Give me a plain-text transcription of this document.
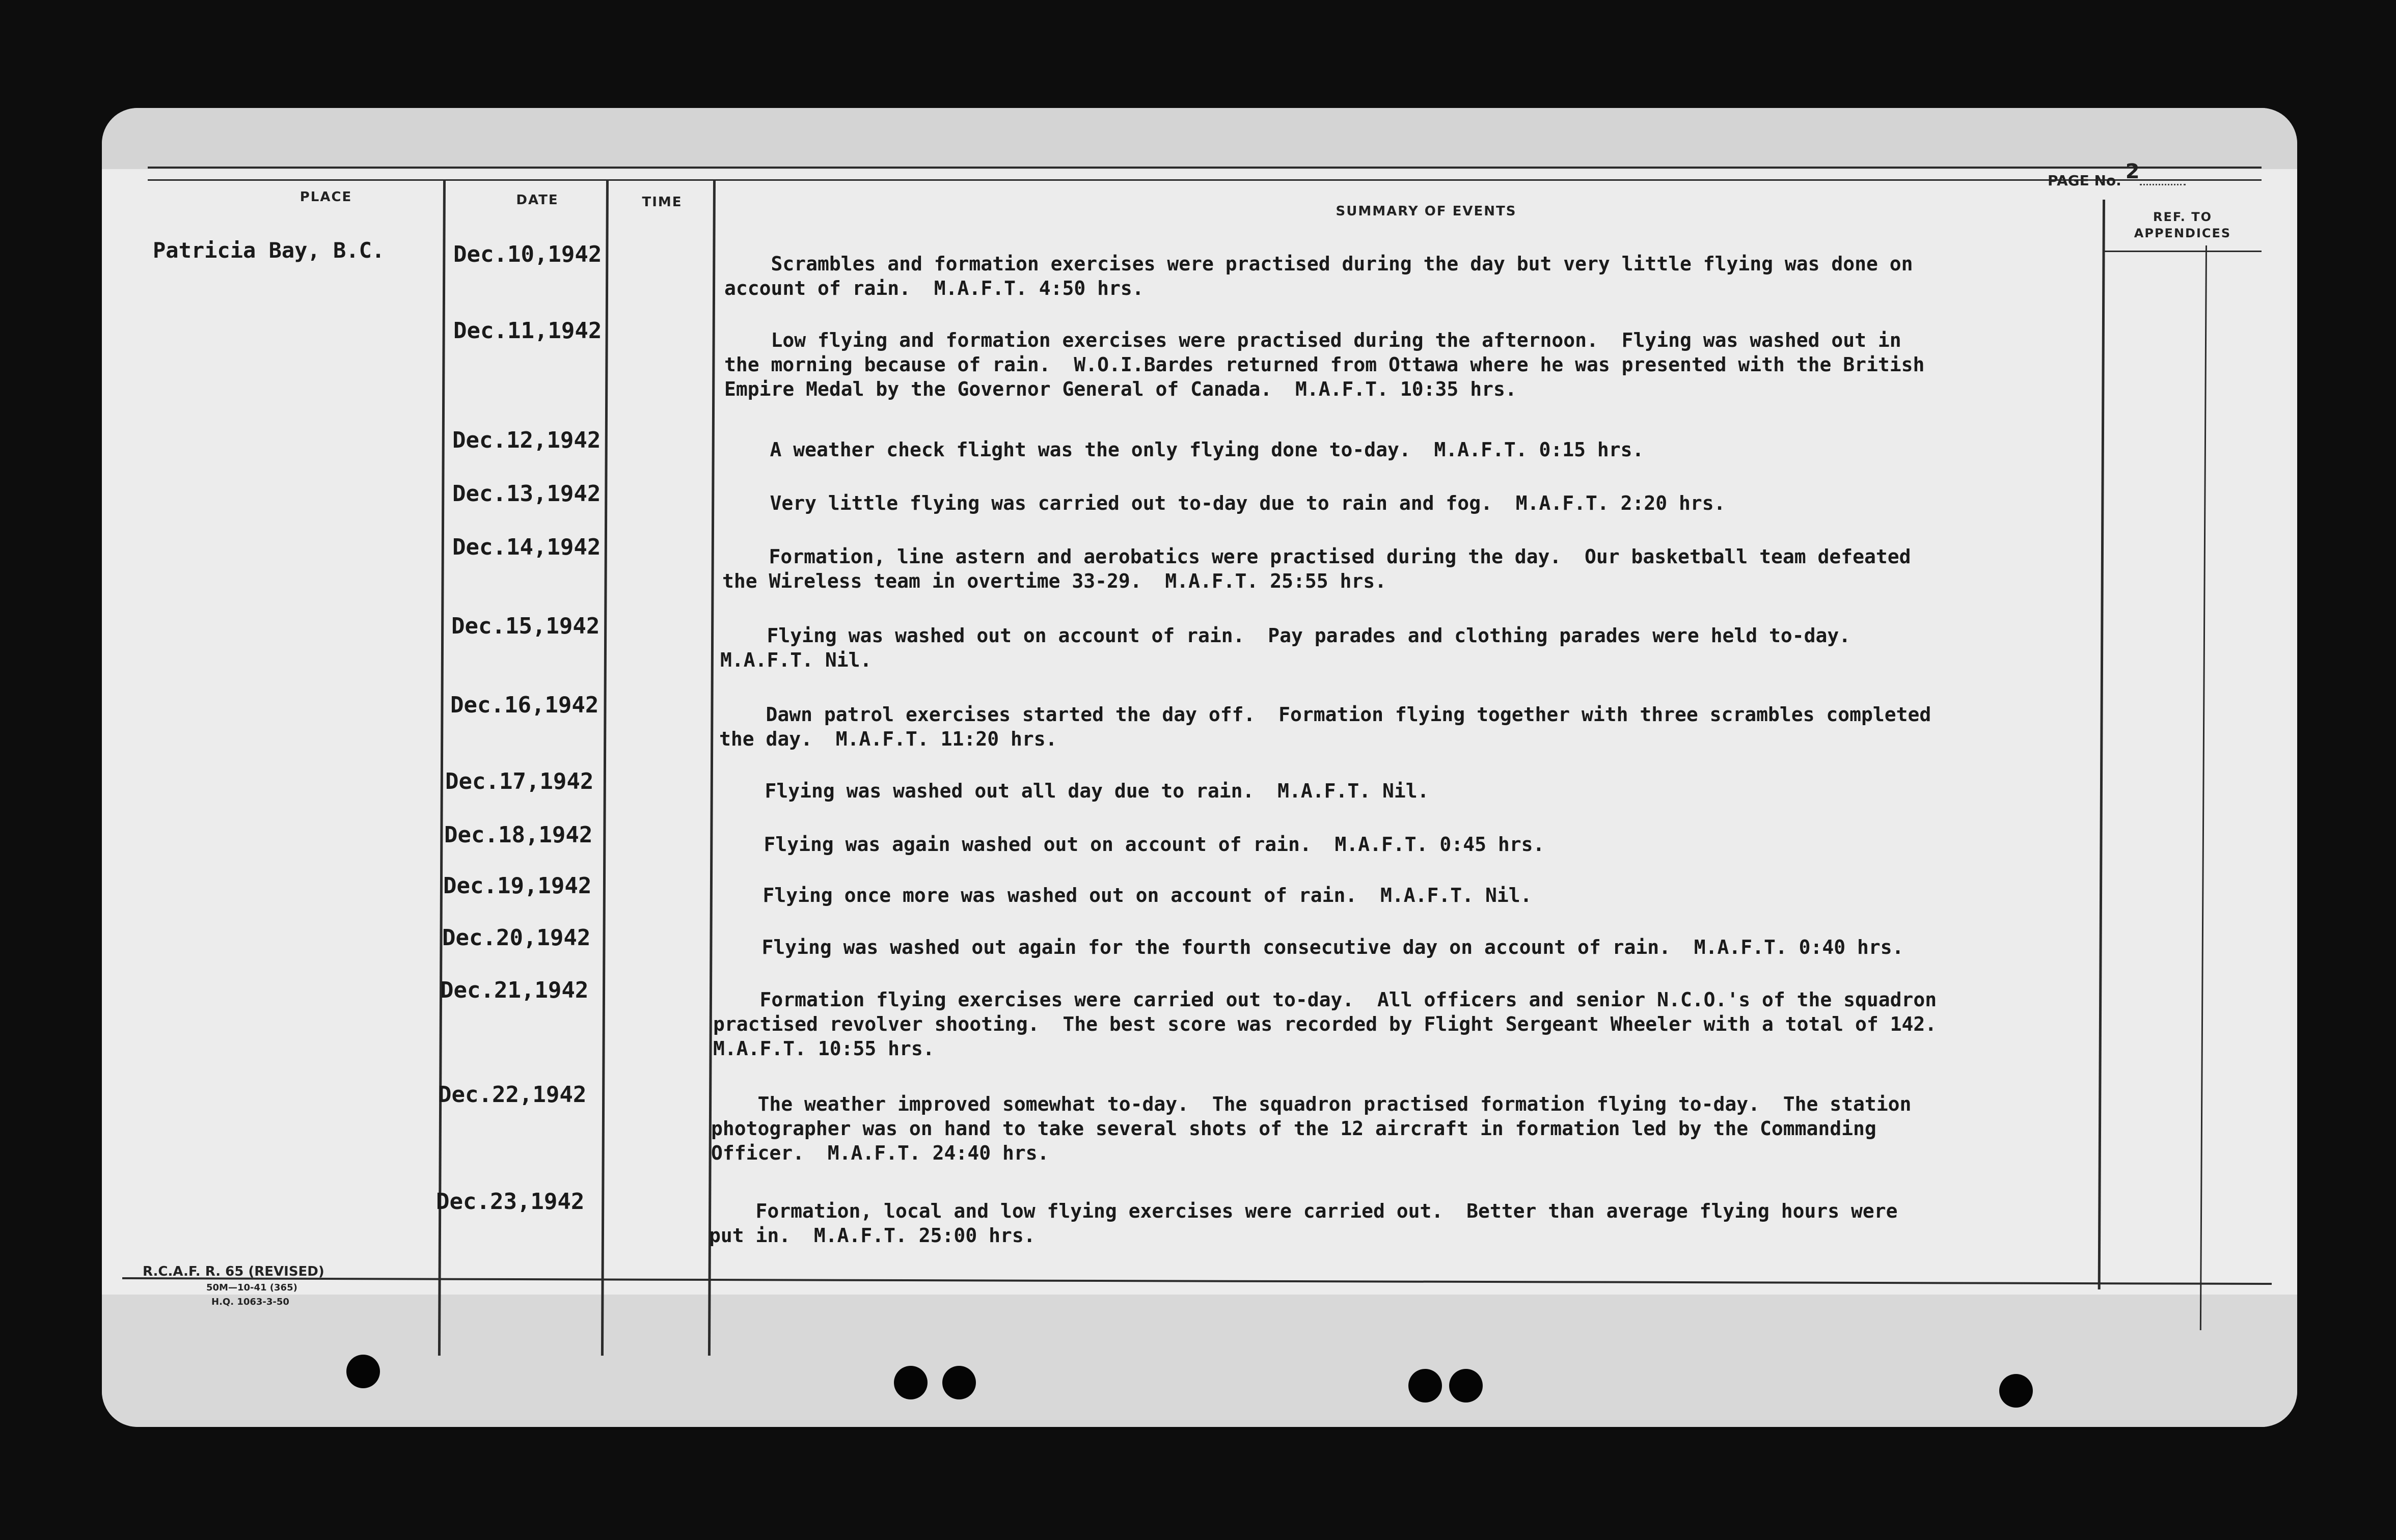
PLACE	DATE	TIME
SUMMARY OF EVENTS	REF. TO
APPENDICES
PAGE No. 2
Patricia Bay, B.C.	Dec.10,1942	Scrambles and formation exercises were practised during the day but very little flying was done on
account of rain.  M.A.F.T. 4:50 hrs.
Dec.11,1942	Low flying and formation exercises were practised during the afternoon.  Flying was washed out in
the morning because of rain.  W.O.I.Bardes returned from Ottawa where he was presented with the British
Empire Medal by the Governor General of Canada.  M.A.F.T. 10:35 hrs.
Dec.12,1942	A weather check flight was the only flying done to-day.  M.A.F.T. 0:15 hrs.
Dec.13,1942	Very little flying was carried out to-day due to rain and fog.  M.A.F.T. 2:20 hrs.
Dec.14,1942	Formation, line astern and aerobatics were practised during the day.  Our basketball team defeated
the Wireless team in overtime 33-29.  M.A.F.T. 25:55 hrs.
Dec.15,1942	Flying was washed out on account of rain.  Pay parades and clothing parades were held to-day.
M.A.F.T. Nil.
Dec.16,1942	Dawn patrol exercises started the day off.  Formation flying together with three scrambles completed
the day.  M.A.F.T. 11:20 hrs.
Dec.17,1942	Flying was washed out all day due to rain.  M.A.F.T. Nil.
Dec.18,1942	Flying was again washed out on account of rain.  M.A.F.T. 0:45 hrs.
Dec.19,1942	Flying once more was washed out on account of rain.  M.A.F.T. Nil.
Dec.20,1942	Flying was washed out again for the fourth consecutive day on account of rain.  M.A.F.T. 0:40 hrs.
Dec.21,1942	Formation flying exercises were carried out to-day.  All officers and senior N.C.O.'s of the squadron
practised revolver shooting.  The best score was recorded by Flight Sergeant Wheeler with a total of 142.
M.A.F.T. 10:55 hrs.
Dec.22,1942	The weather improved somewhat to-day.  The squadron practised formation flying to-day.  The station
photographer was on hand to take several shots of the 12 aircraft in formation led by the Commanding
Officer.  M.A.F.T. 24:40 hrs.
Dec.23,1942	Formation, local and low flying exercises were carried out.  Better than average flying hours were
put in.  M.A.F.T. 25:00 hrs.
R.C.A.F. R. 65 (REVISED)
50M—10-41 (365)
H.Q. 1063-3-50
